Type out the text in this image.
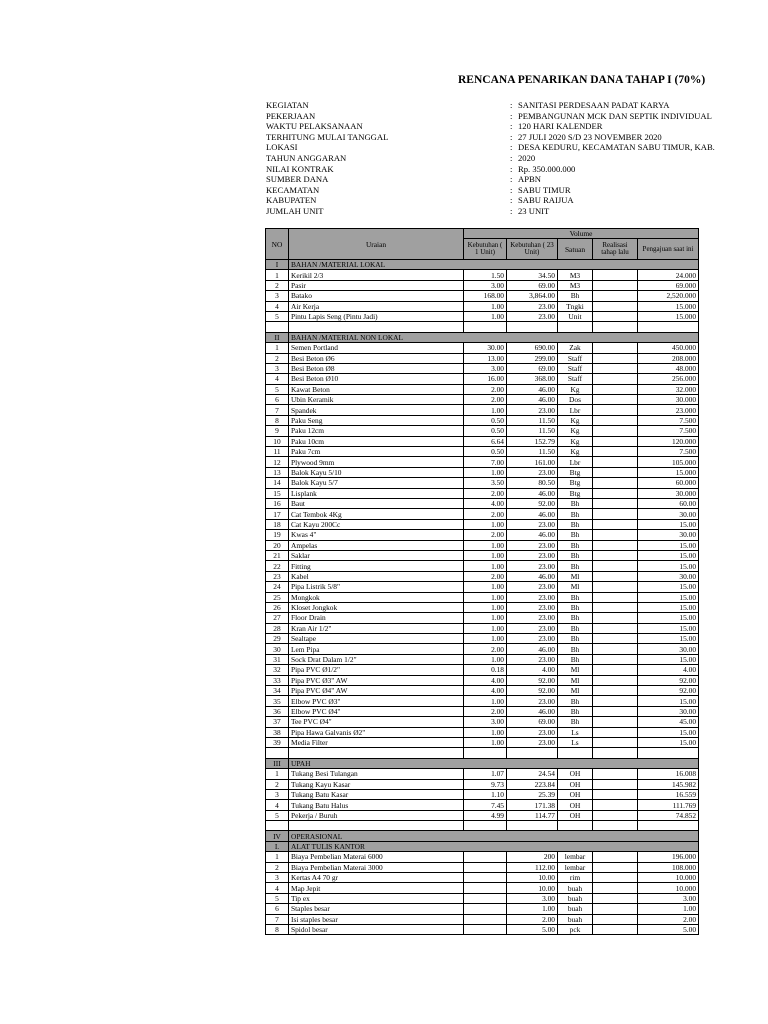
RENCANA PENARIKAN DANA TAHAP I (70%)
KEGIATAN	: SANITASI PERDESAAN PADAT KARYA
PEKERJAAN	: PEMBANGUNAN MCK DAN SEPTIK INDIVIDUAL
WAKTU PELAKSANAAN	: 120 HARI KALENDER
TERHITUNG MULAI TANGGAL	: 27 JULI 2020 S/D 23 NOVEMBER 2020
LOKASI	: DESA KEDURU, KECAMATAN SABU TIMUR, KAB.
TAHUN ANGGARAN	: 2020
NILAI KONTRAK	: Rp. 350.000.000
SUMBER DANA	: APBN
KECAMATAN	: SABU TIMUR
KABUPATEN	: SABU RAIJUA
JUMLAH UNIT	: 23 UNIT
NO	Uraian	Volume				
		Kebutuhan ( 1 Unit)	Kebutuhan ( 23 Unit)	Satuan	Realisasi tahap lalu	Pengajuan saat ini
I	BAHAN /MATERIAL LOKAL					
1	Kerikil 2/3	1.50	34.50	M3		24.000
2	Pasir	3.00	69.00	M3		69.000
3	Batako	168.00	3,864.00	Bh		2,520.000
4	Air Kerja	1.00	23.00	Tngki		15.000
5	Pintu Lapis Seng (Pintu Jadi)	1.00	23.00	Unit		15.000

II	BAHAN /MATERIAL NON LOKAL					
1	Semen Portland	30.00	690.00	Zak		450.000
2	Besi Beton Ø6	13.00	299.00	Staff		208.000
3	Besi Beton Ø8	3.00	69.00	Staff		48.000
4	Besi Beton Ø10	16.00	368.00	Staff		256.000
5	Kawat Beton	2.00	46.00	Kg		32.000
6	Ubin Keramik	2.00	46.00	Dos		30.000
7	Spandek	1.00	23.00	Lbr		23.000
8	Paku Seng	0.50	11.50	Kg		7.500
9	Paku 12cm	0.50	11.50	Kg		7.500
10	Paku 10cm	6.64	152.79	Kg		120.000
11	Paku 7cm	0.50	11.50	Kg		7.500
12	Plywood 9mm	7.00	161.00	Lbr		105.000
13	Balok Kayu 5/10	1.00	23.00	Btg		15.000
14	Balok Kayu 5/7	3.50	80.50	Btg		60.000
15	Lisplank	2.00	46.00	Btg		30.000
16	Baut	4.00	92.00	Bh		60.00
17	Cat Tembok 4Kg	2.00	46.00	Bh		30.00
18	Cat Kayu 200Cc	1.00	23.00	Bh		15.00
19	Kwas 4"	2.00	46.00	Bh		30.00
20	Ampelas	1.00	23.00	Bh		15.00
21	Saklar	1.00	23.00	Bh		15.00
22	Fitting	1.00	23.00	Bh		15.00
23	Kabel	2.00	46.00	Ml		30.00
24	Pipa Listrik 5/8"	1.00	23.00	Ml		15.00
25	Mongkok	1.00	23.00	Bh		15.00
26	Kloset Jongkok	1.00	23.00	Bh		15.00
27	Floor Drain	1.00	23.00	Bh		15.00
28	Kran Air 1/2"	1.00	23.00	Bh		15.00
29	Sealtape	1.00	23.00	Bh		15.00
30	Lem Pipa	2.00	46.00	Bh		30.00
31	Sock Drat Dalam 1/2"	1.00	23.00	Bh		15.00
32	Pipa PVC Ø1/2"	0.18	4.00	Ml		4.00
33	Pipa PVC Ø3" AW	4.00	92.00	Ml		92.00
34	Pipa PVC Ø4" AW	4.00	92.00	Ml		92.00
35	Elbow PVC Ø3"	1.00	23.00	Bh		15.00
36	Elbow PVC Ø4"	2.00	46.00	Bh		30.00
37	Tee PVC Ø4"	3.00	69.00	Bh		45.00
38	Pipa Hawa Galvanis Ø2"	1.00	23.00	Ls		15.00
39	Media Filter	1.00	23.00	Ls		15.00

III	UPAH					
1	Tukang Besi Tulangan	1.07	24.54	OH		16.008
2	Tukang Kayu Kasar	9.73	223.84	OH		145.982
3	Tukang Batu Kasar	1.10	25.39	OH		16.559
4	Tukang Batu Halus	7.45	171.38	OH		111.769
5	Pekerja / Buruh	4.99	114.77	OH		74.852

IV	OPERASIONAL					
I.	ALAT TULIS KANTOR					
1	Biaya Pembelian Materai 6000		200	lembar		196.000
2	Biaya Pembelian Materai 3000		112.00	lembar		108.000
3	Kertas A4 70 gr		10.00	rim		10.000
4	Map Jepit		10.00	buah		10.000
5	Tip ex		3.00	buah		3.00
6	Staples besar		1.00	buah		1.00
7	Isi staples besar		2.00	buah		2.00
8	Spidol besar		5.00	pck		5.00
